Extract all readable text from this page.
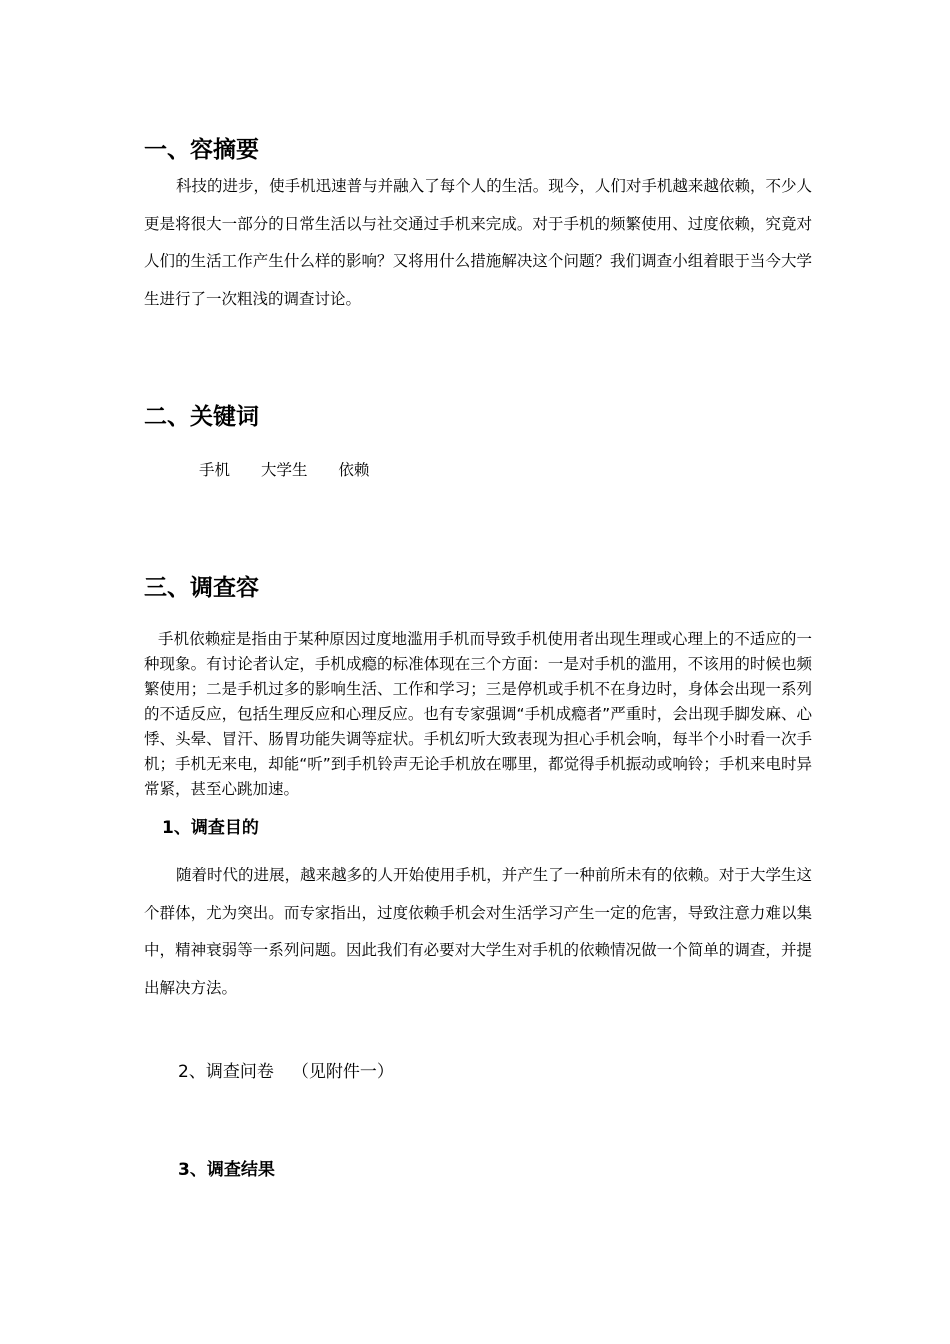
一、容摘要

科技的进步，使手机迅速普与并融入了每个人的生活。现今，人们对手机越来越依赖，不少人更是将很大一部分的日常生活以与社交通过手机来完成。对于手机的频繁使用、过度依赖，究竟对人们的生活工作产生什么样的影响？又将用什么措施解决这个问题？我们调查小组着眼于当今大学生进行了一次粗浅的调查讨论。

二、关键词
手机 大学生 依赖
三、调查容

手机依赖症是指由于某种原因过度地滥用手机而导致手机使用者出现生理或心理上的不适应的一种现象。有讨论者认定，手机成瘾的标准体现在三个方面：一是对手机的滥用，不该用的时候也频繁使用；二是手机过多的影响生活、工作和学习；三是停机或手机不在身边时，身体会出现一系列的不适反应，包括生理反应和心理反应。也有专家强调“手机成瘾者”严重时，会出现手脚发麻、心悸、头晕、冒汗、肠胃功能失调等症状。手机幻听大致表现为担心手机会响，每半个小时看一次手机；手机无来电，却能“听”到手机铃声无论手机放在哪里，都觉得手机振动或响铃；手机来电时异常紧，甚至心跳加速。

1、调查目的

随着时代的进展，越来越多的人开始使用手机，并产生了一种前所未有的依赖。对于大学生这个群体，尤为突出。而专家指出，过度依赖手机会对生活学习产生一定的危害，导致注意力难以集中，精神衰弱等一系列问题。因此我们有必要对大学生对手机的依赖情况做一个简单的调查，并提出解决方法。

2、调查问卷 （见附件一）
3、调查结果
